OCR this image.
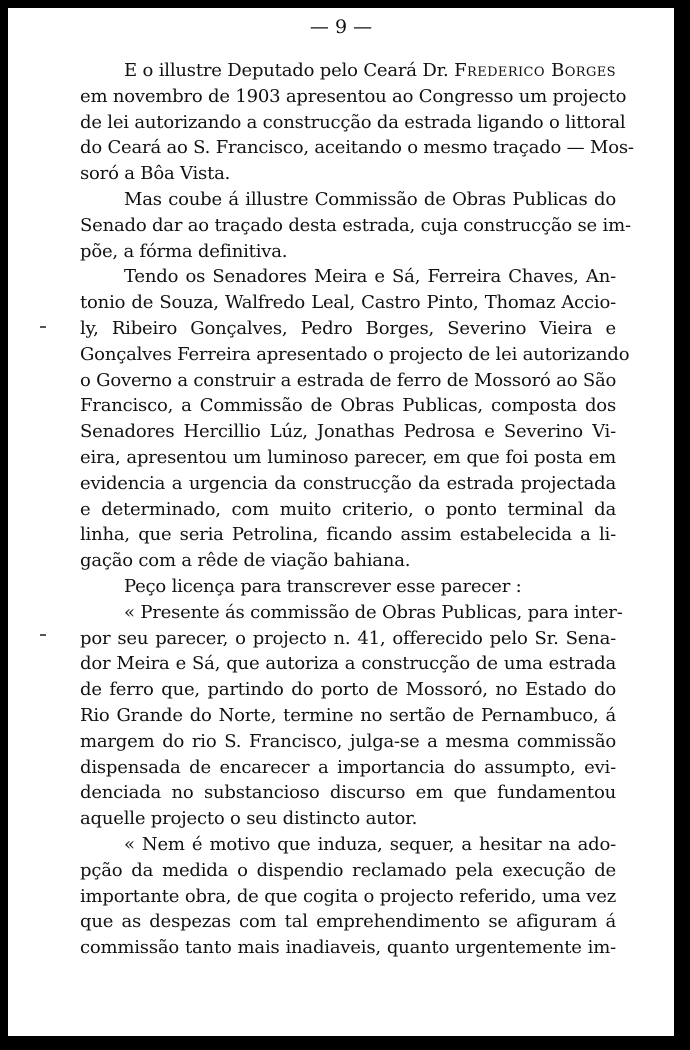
— 9 —

E o illustre Deputado pelo Ceará Dr. Frederico Borges

em novembro de 1903 apresentou ao Congresso um projecto

de lei autorizando a construcção da estrada ligando o littoral

do Ceará ao S. Francisco, aceitando o mesmo traçado — Mos-

soró a Bôa Vista.

Mas coube á illustre Commissão de Obras Publicas do

Senado dar ao traçado desta estrada, cuja construcção se im-

põe, a fórma definitiva.

Tendo os Senadores Meira e Sá, Ferreira Chaves, An-

tonio de Souza, Walfredo Leal, Castro Pinto, Thomaz Accio-

ly, Ribeiro Gonçalves, Pedro Borges, Severino Vieira e

Gonçalves Ferreira apresentado o projecto de lei autorizando

o Governo a construir a estrada de ferro de Mossoró ao São

Francisco, a Commissão de Obras Publicas, composta dos

Senadores Hercillio Lúz, Jonathas Pedrosa e Severino Vi-

eira, apresentou um luminoso parecer, em que foi posta em

evidencia a urgencia da construcção da estrada projectada

e determinado, com muito criterio, o ponto terminal da

linha, que seria Petrolina, ficando assim estabelecida a li-

gação com a rêde de viação bahiana.

Peço licença para transcrever esse parecer :

« Presente ás commissão de Obras Publicas, para inter-

por seu parecer, o projecto n. 41, offerecido pelo Sr. Sena-

dor Meira e Sá, que autoriza a construcção de uma estrada

de ferro que, partindo do porto de Mossoró, no Estado do

Rio Grande do Norte, termine no sertão de Pernambuco, á

margem do rio S. Francisco, julga-se a mesma commissão

dispensada de encarecer a importancia do assumpto, evi-

denciada no substancioso discurso em que fundamentou

aquelle projecto o seu distincto autor.

« Nem é motivo que induza, sequer, a hesitar na ado-

pção da medida o dispendio reclamado pela execução de

importante obra, de que cogita o projecto referido, uma vez

que as despezas com tal emprehendimento se afiguram á

commissão tanto mais inadiaveis, quanto urgentemente im-
